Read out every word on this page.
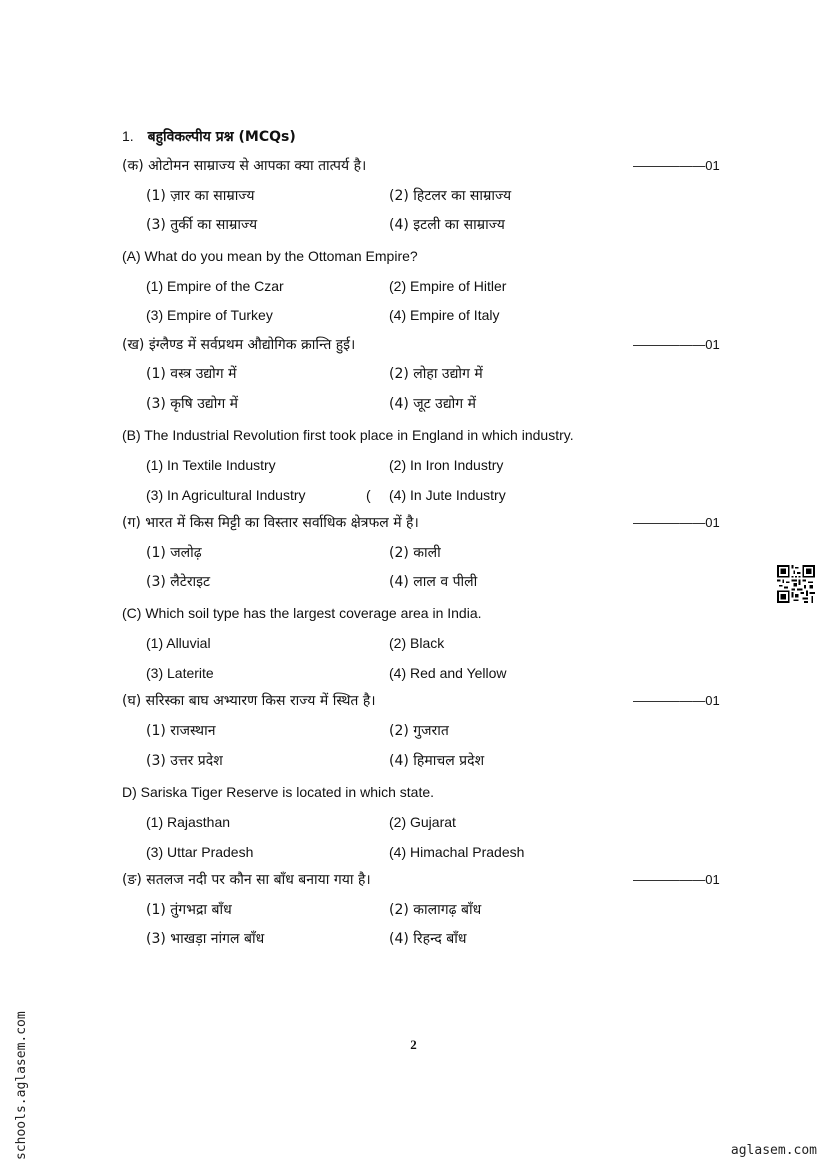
1. बहुविकल्पीय प्रश्न (MCQs)
(क) ओटोमन साम्राज्य से आपका क्या तात्पर्य है।	———–——01
(1) ज़ार का साम्राज्य	(2) हिटलर का साम्राज्य
(3) तुर्की का साम्राज्य	(4) इटली का साम्राज्य
(A) What do you mean by the Ottoman Empire?
(1) Empire of the Czar	(2) Empire of Hitler
(3) Empire of Turkey	(4) Empire of Italy
(ख) इंग्लैण्ड में सर्वप्रथम औद्योगिक क्रान्ति हुई।	———–——01
(1) वस्त्र उद्योग में	(2) लोहा उद्योग में
(3) कृषि उद्योग में	(4) जूट उद्योग में
(B) The Industrial Revolution first took place in England in which industry.
(1) In Textile Industry	(2) In Iron Industry
(3) In Agricultural Industry	( (4) In Jute Industry
(ग) भारत में किस मिट्टी का विस्तार सर्वाधिक क्षेत्रफल में है।	———–——01
(1) जलोढ़	(2) काली
(3) लैटेराइट	(4) लाल व पीली
(C) Which soil type has the largest coverage area in India.
(1) Alluvial	(2) Black
(3) Laterite	(4) Red and Yellow
(घ) सरिस्का बाघ अभ्यारण किस राज्य में स्थित है।	———–——01
(1) राजस्थान	(2) गुजरात
(3) उत्तर प्रदेश	(4) हिमाचल प्रदेश
D) Sariska Tiger Reserve is located in which state.
(1) Rajasthan	(2) Gujarat
(3) Uttar Pradesh	(4) Himachal Pradesh
(ङ) सतलज नदी पर कौन सा बाँध बनाया गया है।	———–——01
(1) तुंगभद्रा बाँध	(2) कालागढ़ बाँध
(3) भाखड़ा नांगल बाँध	(4) रिहन्द बाँध
2
schools.aglasem.com	aglasem.com
